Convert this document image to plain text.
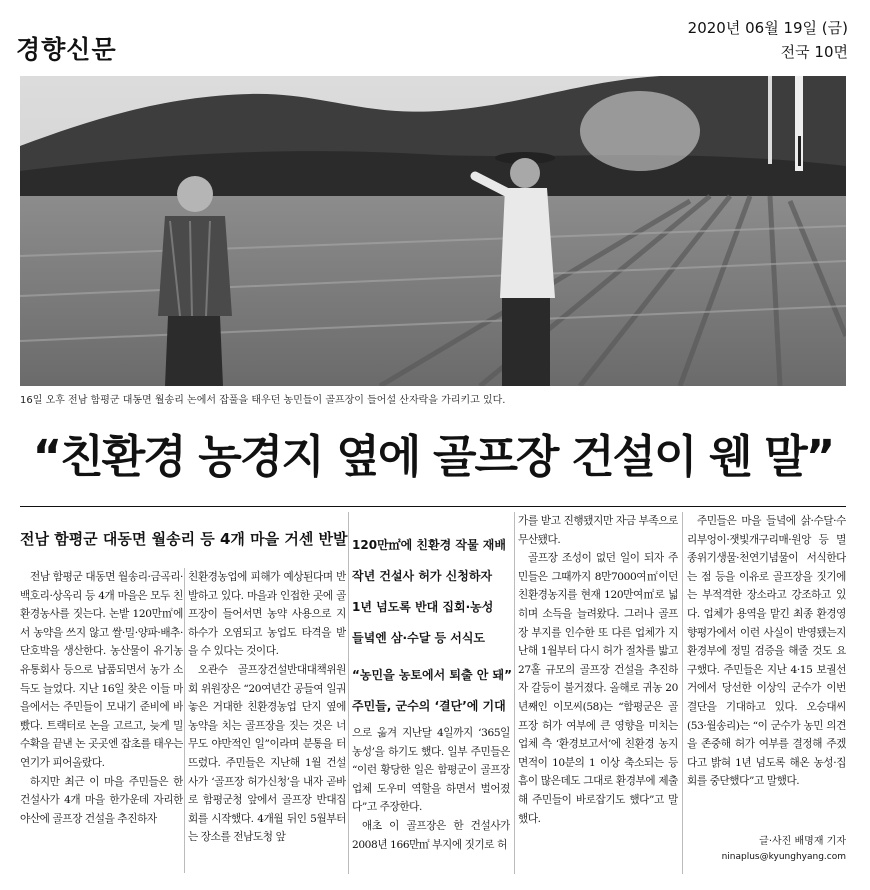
경향신문
2020년 06월 19일 (금)
전국 10면
16일 오후 전남 함평군 대동면 월송리 논에서 잡풀을 태우던 농민들이 골프장이 들어설 산자락을 가리키고 있다.
“친환경 농경지 옆에 골프장 건설이 웬 말”
전남 함평군 대동면 월송리 등 4개 마을 거센 반발

전남 함평군 대동면 월송리·금곡리·백호리·상옥리 등 4개 마을은 모두 친환경농사를 짓는다. 논밭 120만㎡에서 농약을 쓰지 않고 쌀·밀·양파·배추·단호박을 생산한다. 농산물이 유기농유통회사 등으로 납품되면서 농가 소득도 늘었다. 지난 16일 찾은 이들 마을에서는 주민들이 모내기 준비에 바빴다. 트랙터로 논을 고르고, 늦게 밀 수확을 끝낸 논 곳곳엔 잡초를 태우는 연기가 피어올랐다.

하지만 최근 이 마을 주민들은 한 건설사가 4개 마을 한가운데 자리한 야산에 골프장 건설을 추진하자

친환경농업에 피해가 예상된다며 반발하고 있다. 마을과 인접한 곳에 골프장이 들어서면 농약 사용으로 지하수가 오염되고 농업도 타격을 받을 수 있다는 것이다.

오관수 골프장건설반대대책위원회 위원장은 “20여년간 공들여 일궈놓은 거대한 친환경농업 단지 옆에 농약을 치는 골프장을 짓는 것은 너무도 야만적인 일”이라며 분통을 터뜨렸다. 주민들은 지난해 1월 건설사가 ‘골프장 허가신청’을 내자 곧바로 함평군청 앞에서 골프장 반대집회를 시작했다. 4개월 뒤인 5월부터는 장소를 전남도청 앞

120만㎡에 친환경 작물 재배
작년 건설사 허가 신청하자
1년 넘도록 반대 집회·농성
들녘엔 삼·수달 등 서식도
“농민을 농토에서 퇴출 안 돼”
주민들, 군수의 ‘결단’에 기대

으로 옮겨 지난달 4일까지 ‘365일 농성’을 하기도 했다. 일부 주민들은 “이런 황당한 일은 함평군이 골프장 업체 도우미 역할을 하면서 벌어졌다”고 주장한다.

애초 이 골프장은 한 건설사가 2008년 166만㎡ 부지에 짓기로 허

가를 받고 진행됐지만 자금 부족으로 무산됐다.

골프장 조성이 없던 일이 되자 주민들은 그때까지 8만7000여㎡이던 친환경농지를 현재 120만여㎡로 넓히며 소득을 늘려왔다. 그러나 골프장 부지를 인수한 또 다른 업체가 지난해 1월부터 다시 허가 절차를 밟고 27홀 규모의 골프장 건설을 추진하자 갈등이 불거졌다. 올해로 귀농 20년째인 이모씨(58)는 “함평군은 골프장 허가 여부에 큰 영향을 미치는 업체 측 ‘환경보고서’에 친환경 농지 면적이 10분의 1 이상 축소되는 등 흠이 많은데도 그대로 환경부에 제출해 주민들이 바로잡기도 했다”고 말했다.

주민들은 마을 들녘에 삵·수달·수리부엉이·잿빛개구리매·원앙 등 멸종위기생물·천연기념물이 서식한다는 점 등을 이유로 골프장을 짓기에는 부적격한 장소라고 강조하고 있다. 업체가 용역을 맡긴 최종 환경영향평가에서 이런 사실이 반영됐는지 환경부에 정밀 검증을 해줄 것도 요구했다. 주민들은 지난 4·15 보궐선거에서 당선한 이상익 군수가 이번 결단을 기대하고 있다. 오승대씨(53·월송리)는 “이 군수가 농민 의견을 존중해 허가 여부를 결정해 주겠다고 밝혀 1년 넘도록 해온 농성·집회를 중단했다”고 말했다.

글·사진 배명재 기자
ninaplus@kyunghyang.com
